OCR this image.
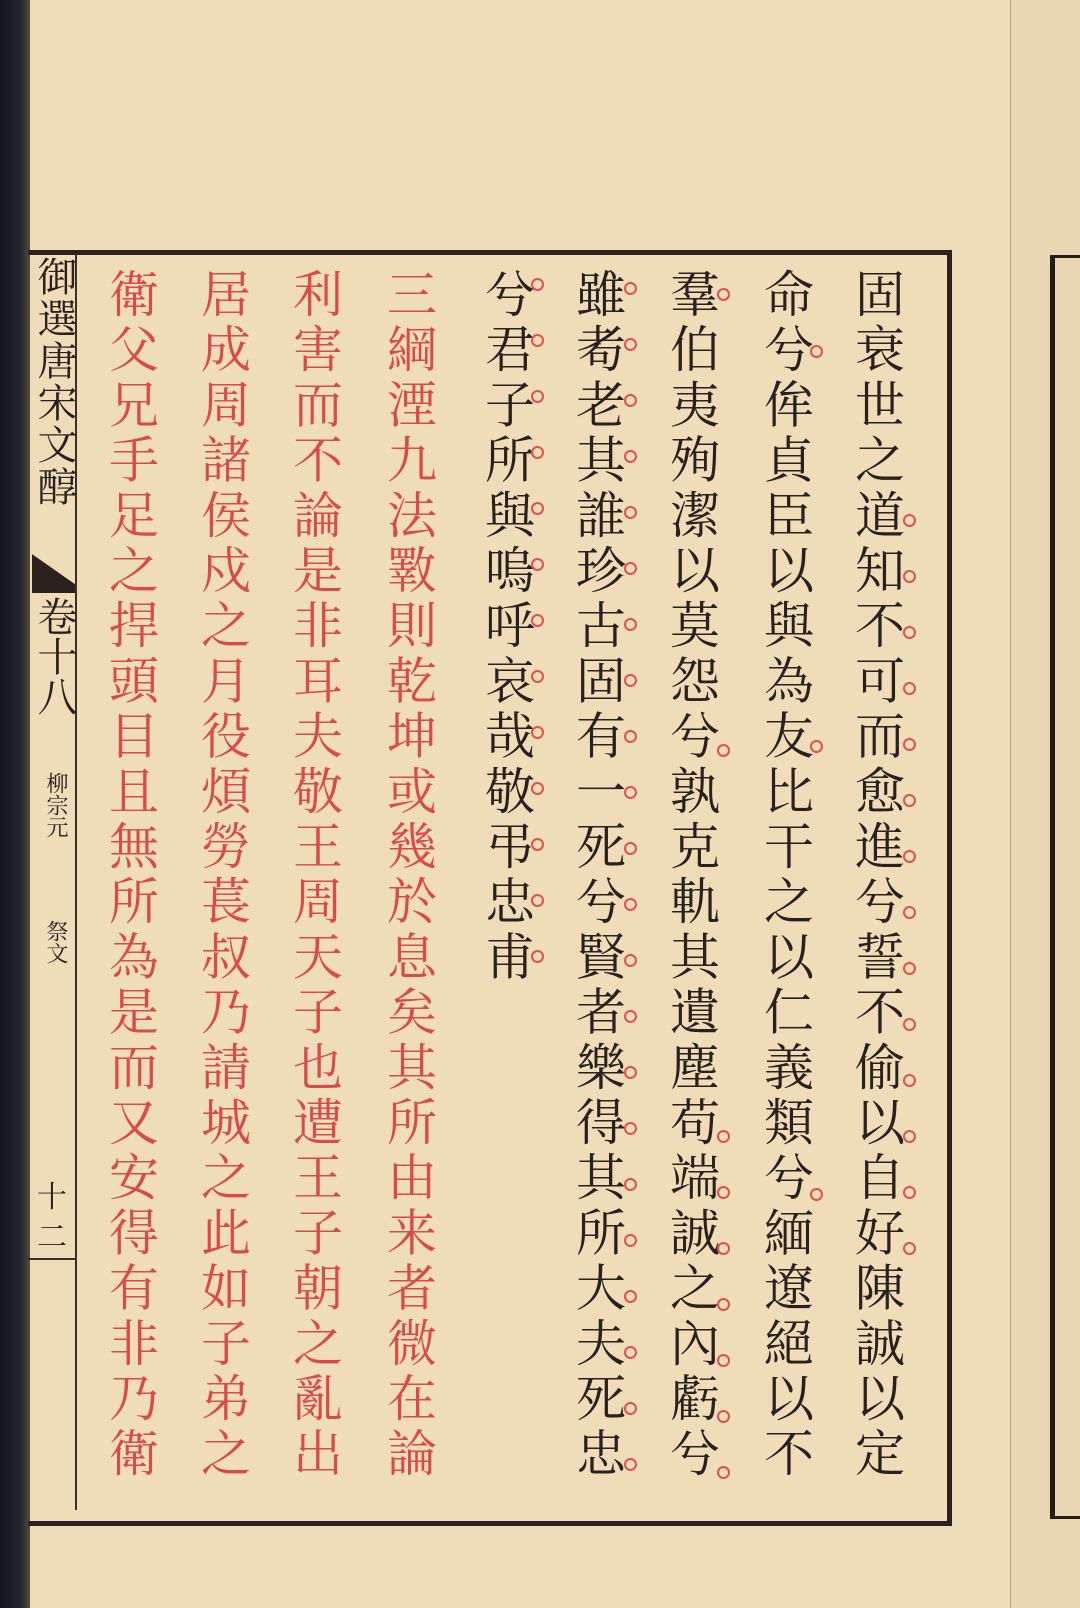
御選唐宋文醇

卷十八

柳宗元

祭文

十二	固衰世之道知不可而愈進兮誓不偷以自好陳誠以定

命兮侔貞臣以與為友比干之以仁義類兮緬遼絕以不

羣伯夷殉潔以莫怨兮孰克軌其遺塵苟端誠之內虧兮

雖耇老其誰珍古固有一死兮賢者樂得其所大夫死忠

兮君子所與嗚呼哀哉敬弔忠甫

三綱湮九法斁則乾坤或幾於息矣其所由来者微在論

利害而不論是非耳夫敬王周天子也遭王子朝之亂出

居成周諸侯戍之月役煩勞萇叔乃請城之此如子弟之

衛父兄手足之捍頭目且無所為是而又安得有非乃衛
